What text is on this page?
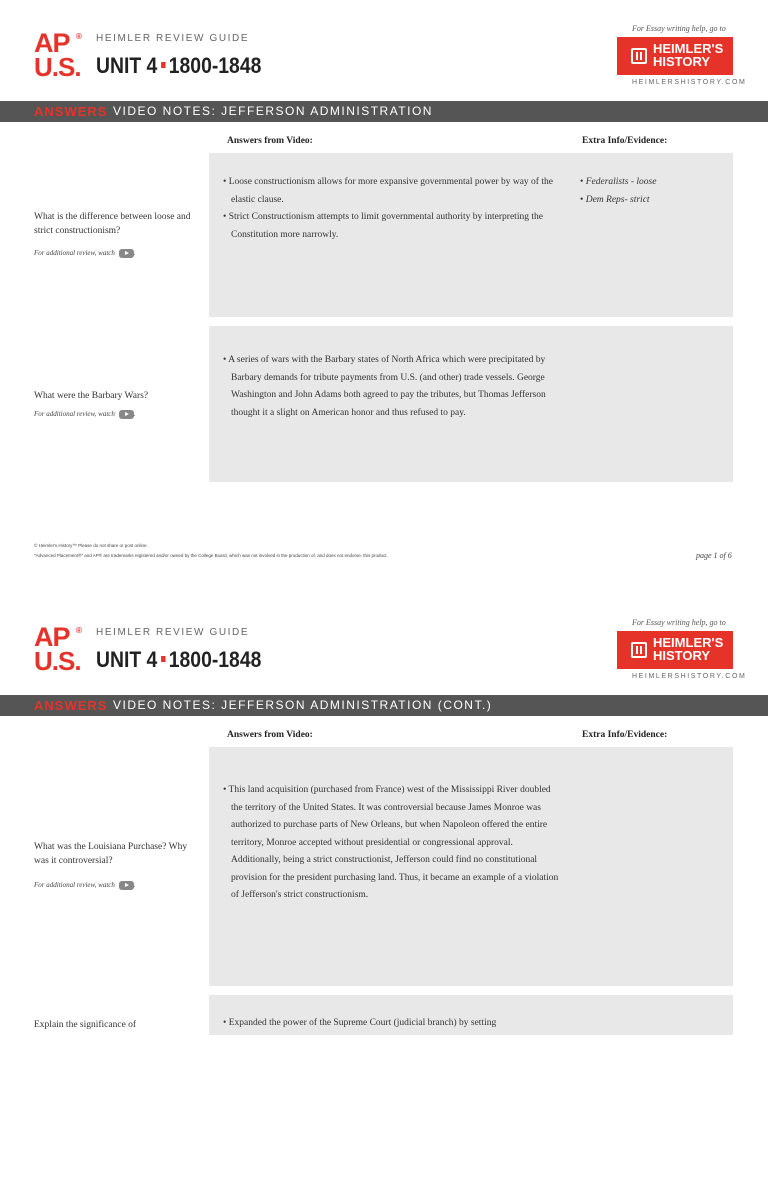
AP ®
U.S.
HEIMLER REVIEW GUIDE
UNIT 4 1800-1848
For Essay writing help, go to
HEIMLER'S
HISTORY
HEIMLERSHISTORY.COM
ANSWERS VIDEO NOTES: JEFFERSON ADMINISTRATION
Answers from Video:	Extra Info/Evidence:
What is the difference between loose and strict constructionism?
For additional review, watch	.
• Loose constructionism allows for more expansive governmental power by way of the elastic clause.
• Strict Constructionism attempts to limit governmental authority by interpreting the Constitution more narrowly.
• Federalists - loose
• Dem Reps- strict
What were the Barbary Wars?
For additional review, watch	.
• A series of wars with the Barbary states of North Africa which were precipitated by Barbary demands for tribute payments from U.S. (and other) trade vessels. George Washington and John Adams both agreed to pay the tributes, but Thomas Jefferson thought it a slight on American honor and thus refused to pay.
© Heimler's History™ Please do not share or post online.
"Advanced Placement®" and AP® are trademarks registered and/or owned by the College Board, which was not involved in the production of, and does not endorse, this product.	page 1 of 6
AP ®
U.S.
HEIMLER REVIEW GUIDE
UNIT 4 1800-1848
For Essay writing help, go to
HEIMLER'S
HISTORY
HEIMLERSHISTORY.COM
ANSWERS VIDEO NOTES: JEFFERSON ADMINISTRATION (CONT.)
Answers from Video:	Extra Info/Evidence:
What was the Louisiana Purchase? Why was it controversial?
For additional review, watch	.
• This land acquisition (purchased from France) west of the Mississippi River doubled the territory of the United States. It was controversial because James Monroe was authorized to purchase parts of New Orleans, but when Napoleon offered the entire territory, Monroe accepted without presidential or congressional approval. Additionally, being a strict constructionist, Jefferson could find no constitutional provision for the president purchasing land. Thus, it became an example of a violation of Jefferson's strict constructionism.
Explain the significance of
•	Expanded the power of the Supreme Court (judicial branch) by setting
